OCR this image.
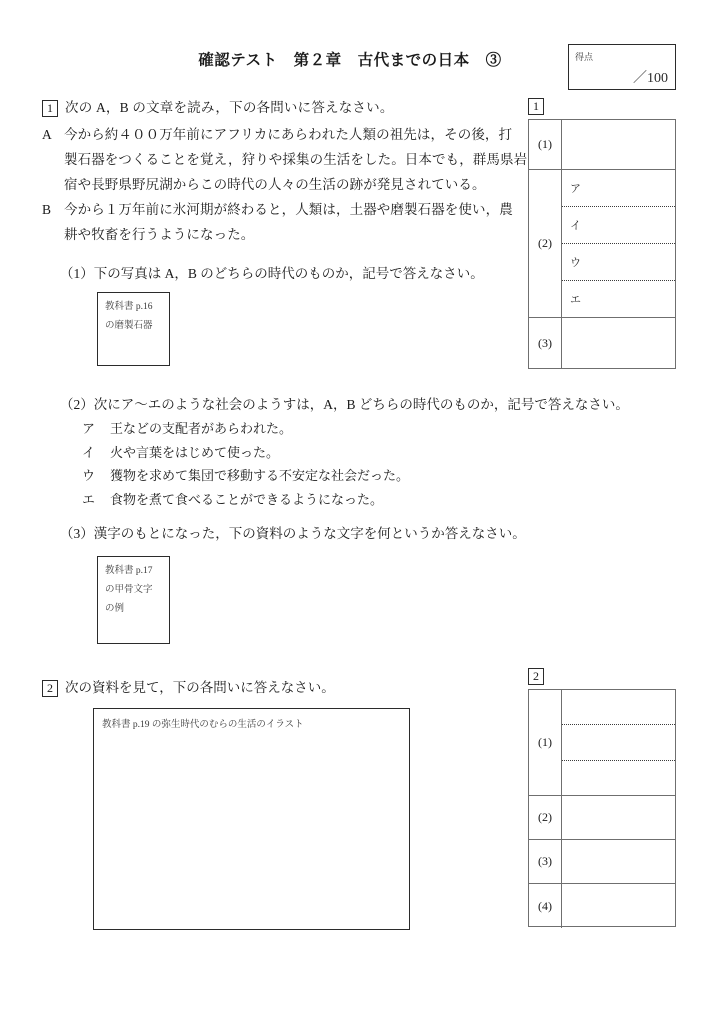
確認テスト　第２章　古代までの日本　③	得点
／100
1 次の A，B の文章を読み，下の各問いに答えなさい。
A 今から約４００万年前にアフリカにあらわれた人類の祖先は，その後，打
製石器をつくることを覚え，狩りや採集の生活をした。日本でも，群馬県岩
宿や長野県野尻湖からこの時代の人々の生活の跡が発見されている。
B 今から１万年前に氷河期が終わると，人類は，土器や磨製石器を使い，農
耕や牧畜を行うようになった。
（1）下の写真は A，B のどちらの時代のものか，記号で答えなさい。
教科書 p.16
の磨製石器
（2）次にア〜エのような社会のようすは，A，B どちらの時代のものか，記号で答えなさい。
ア 王などの支配者があらわれた。
イ 火や言葉をはじめて使った。
ウ 獲物を求めて集団で移動する不安定な社会だった。
エ 食物を煮て食べることができるようになった。
（3）漢字のもとになった，下の資料のような文字を何というか答えなさい。
教科書 p.17
の甲骨文字
の例
2 次の資料を見て，下の各問いに答えなさい。
教科書 p.19 の弥生時代のむらの生活のイラスト
1
(1)
(2)
ア
イ
ウ
エ
(3)
2
(1)
(2)
(3)
(4)
